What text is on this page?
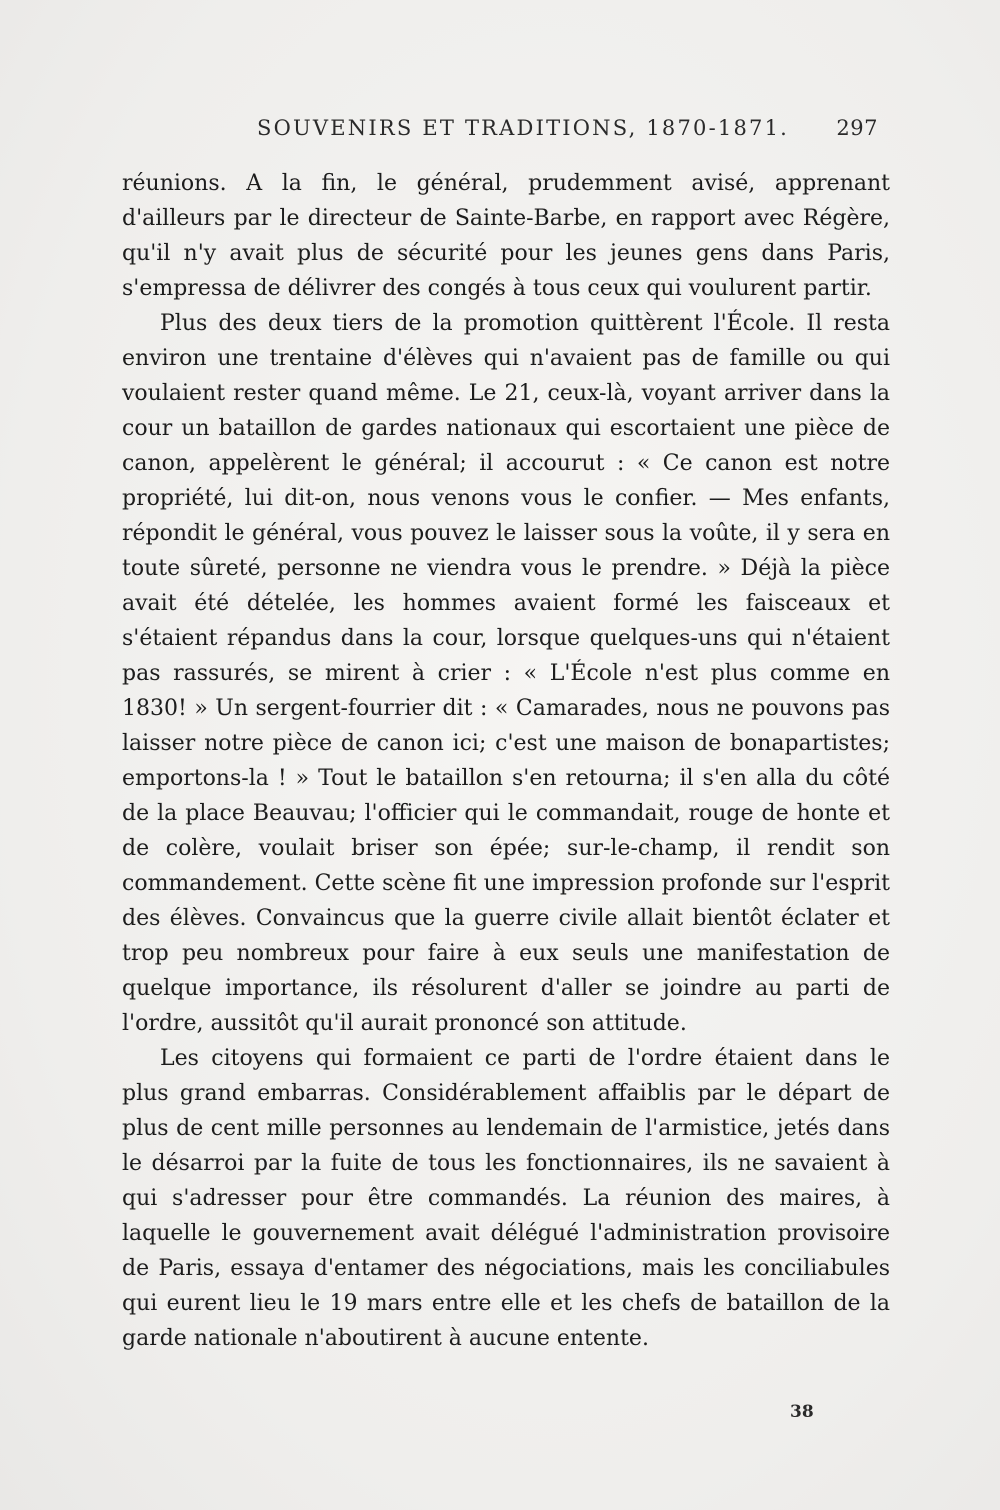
SOUVENIRS ET TRADITIONS, 1870-1871. 297

réunions. A la fin, le général, prudemment avisé, apprenant d'ailleurs par le directeur de Sainte-Barbe, en rapport avec Régère, qu'il n'y avait plus de sécurité pour les jeunes gens dans Paris, s'empressa de délivrer des congés à tous ceux qui voulurent partir.

Plus des deux tiers de la promotion quittèrent l'École. Il resta environ une trentaine d'élèves qui n'avaient pas de famille ou qui voulaient rester quand même. Le 21, ceux-là, voyant arriver dans la cour un bataillon de gardes nationaux qui escortaient une pièce de canon, appelèrent le général; il accourut : « Ce canon est notre propriété, lui dit-on, nous venons vous le confier. — Mes enfants, répondit le général, vous pouvez le laisser sous la voûte, il y sera en toute sûreté, personne ne viendra vous le prendre. » Déjà la pièce avait été dételée, les hommes avaient formé les faisceaux et s'étaient répandus dans la cour, lorsque quelques-uns qui n'étaient pas rassurés, se mirent à crier : « L'École n'est plus comme en 1830! » Un sergent-fourrier dit : « Camarades, nous ne pouvons pas laisser notre pièce de canon ici; c'est une maison de bonapartistes; emportons-la ! » Tout le bataillon s'en retourna; il s'en alla du côté de la place Beauvau; l'officier qui le commandait, rouge de honte et de colère, voulait briser son épée; sur-le-champ, il rendit son commandement. Cette scène fit une impression profonde sur l'esprit des élèves. Convaincus que la guerre civile allait bientôt éclater et trop peu nombreux pour faire à eux seuls une manifestation de quelque importance, ils résolurent d'aller se joindre au parti de l'ordre, aussitôt qu'il aurait prononcé son attitude.

Les citoyens qui formaient ce parti de l'ordre étaient dans le plus grand embarras. Considérablement affaiblis par le départ de plus de cent mille personnes au lendemain de l'armistice, jetés dans le désarroi par la fuite de tous les fonctionnaires, ils ne savaient à qui s'adresser pour être commandés. La réunion des maires, à laquelle le gouvernement avait délégué l'administration provisoire de Paris, essaya d'entamer des négociations, mais les conciliabules qui eurent lieu le 19 mars entre elle et les chefs de bataillon de la garde nationale n'aboutirent à aucune entente.

38
